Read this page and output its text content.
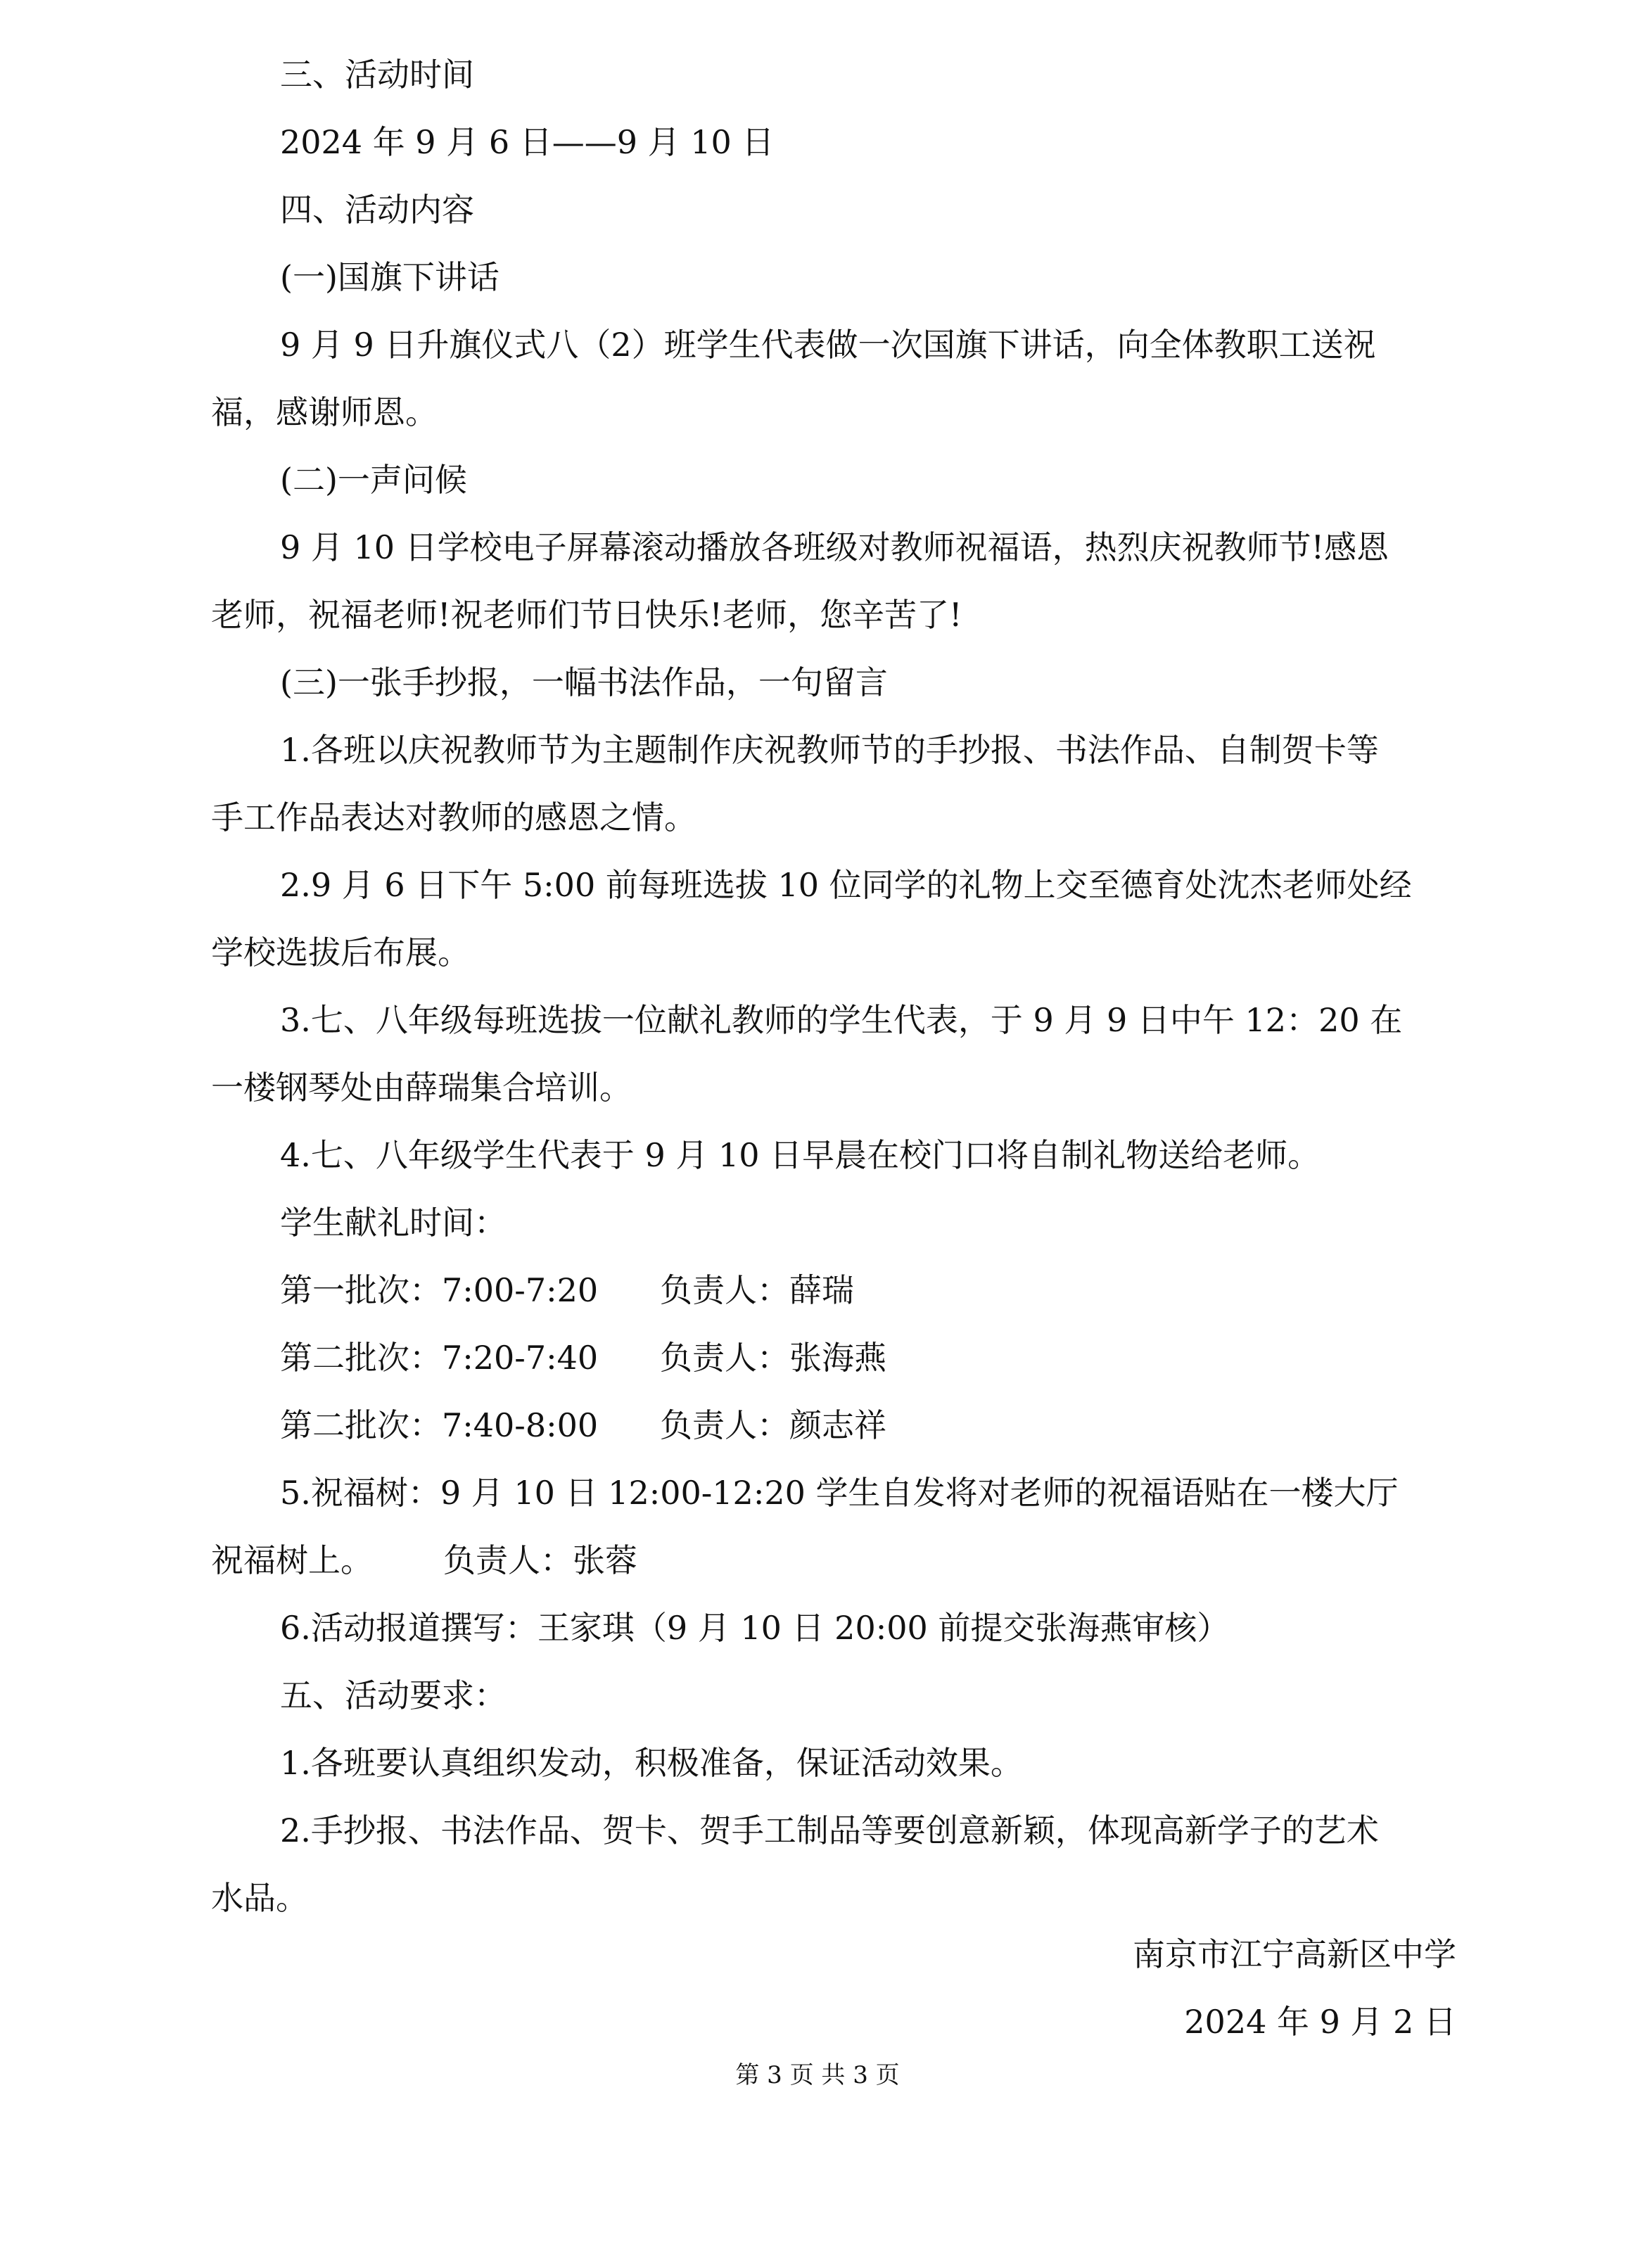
三、活动时间

2024 年 9 月 6 日——9 月 10 日

四、活动内容

(一)国旗下讲话

9 月 9 日升旗仪式八（2）班学生代表做一次国旗下讲话，向全体教职工送祝

福，感谢师恩。

(二)一声问候

9 月 10 日学校电子屏幕滚动播放各班级对教师祝福语，热烈庆祝教师节!感恩

老师，祝福老师!祝老师们节日快乐!老师，您辛苦了!

(三)一张手抄报，一幅书法作品，一句留言

1.各班以庆祝教师节为主题制作庆祝教师节的手抄报、书法作品、自制贺卡等

手工作品表达对教师的感恩之情。

2.9 月 6 日下午 5:00 前每班选拔 10 位同学的礼物上交至德育处沈杰老师处经

学校选拔后布展。

3.七、八年级每班选拔一位献礼教师的学生代表，于 9 月 9 日中午 12：20 在

一楼钢琴处由薛瑞集合培训。

4.七、八年级学生代表于 9 月 10 日早晨在校门口将自制礼物送给老师。

学生献礼时间：

第一批次：7:00-7:20 负责人：薛瑞

第二批次：7:20-7:40 负责人：张海燕

第二批次：7:40-8:00 负责人：颜志祥

5.祝福树：9 月 10 日 12:00-12:20 学生自发将对老师的祝福语贴在一楼大厅

祝福树上。 负责人：张蓉

6.活动报道撰写：王家琪（9 月 10 日 20:00 前提交张海燕审核）

五、活动要求：

1.各班要认真组织发动，积极准备，保证活动效果。

2.手抄报、书法作品、贺卡、贺手工制品等要创意新颖，体现高新学子的艺术

水品。

南京市江宁高新区中学

2024 年 9 月 2 日

第 3 页 共 3 页
